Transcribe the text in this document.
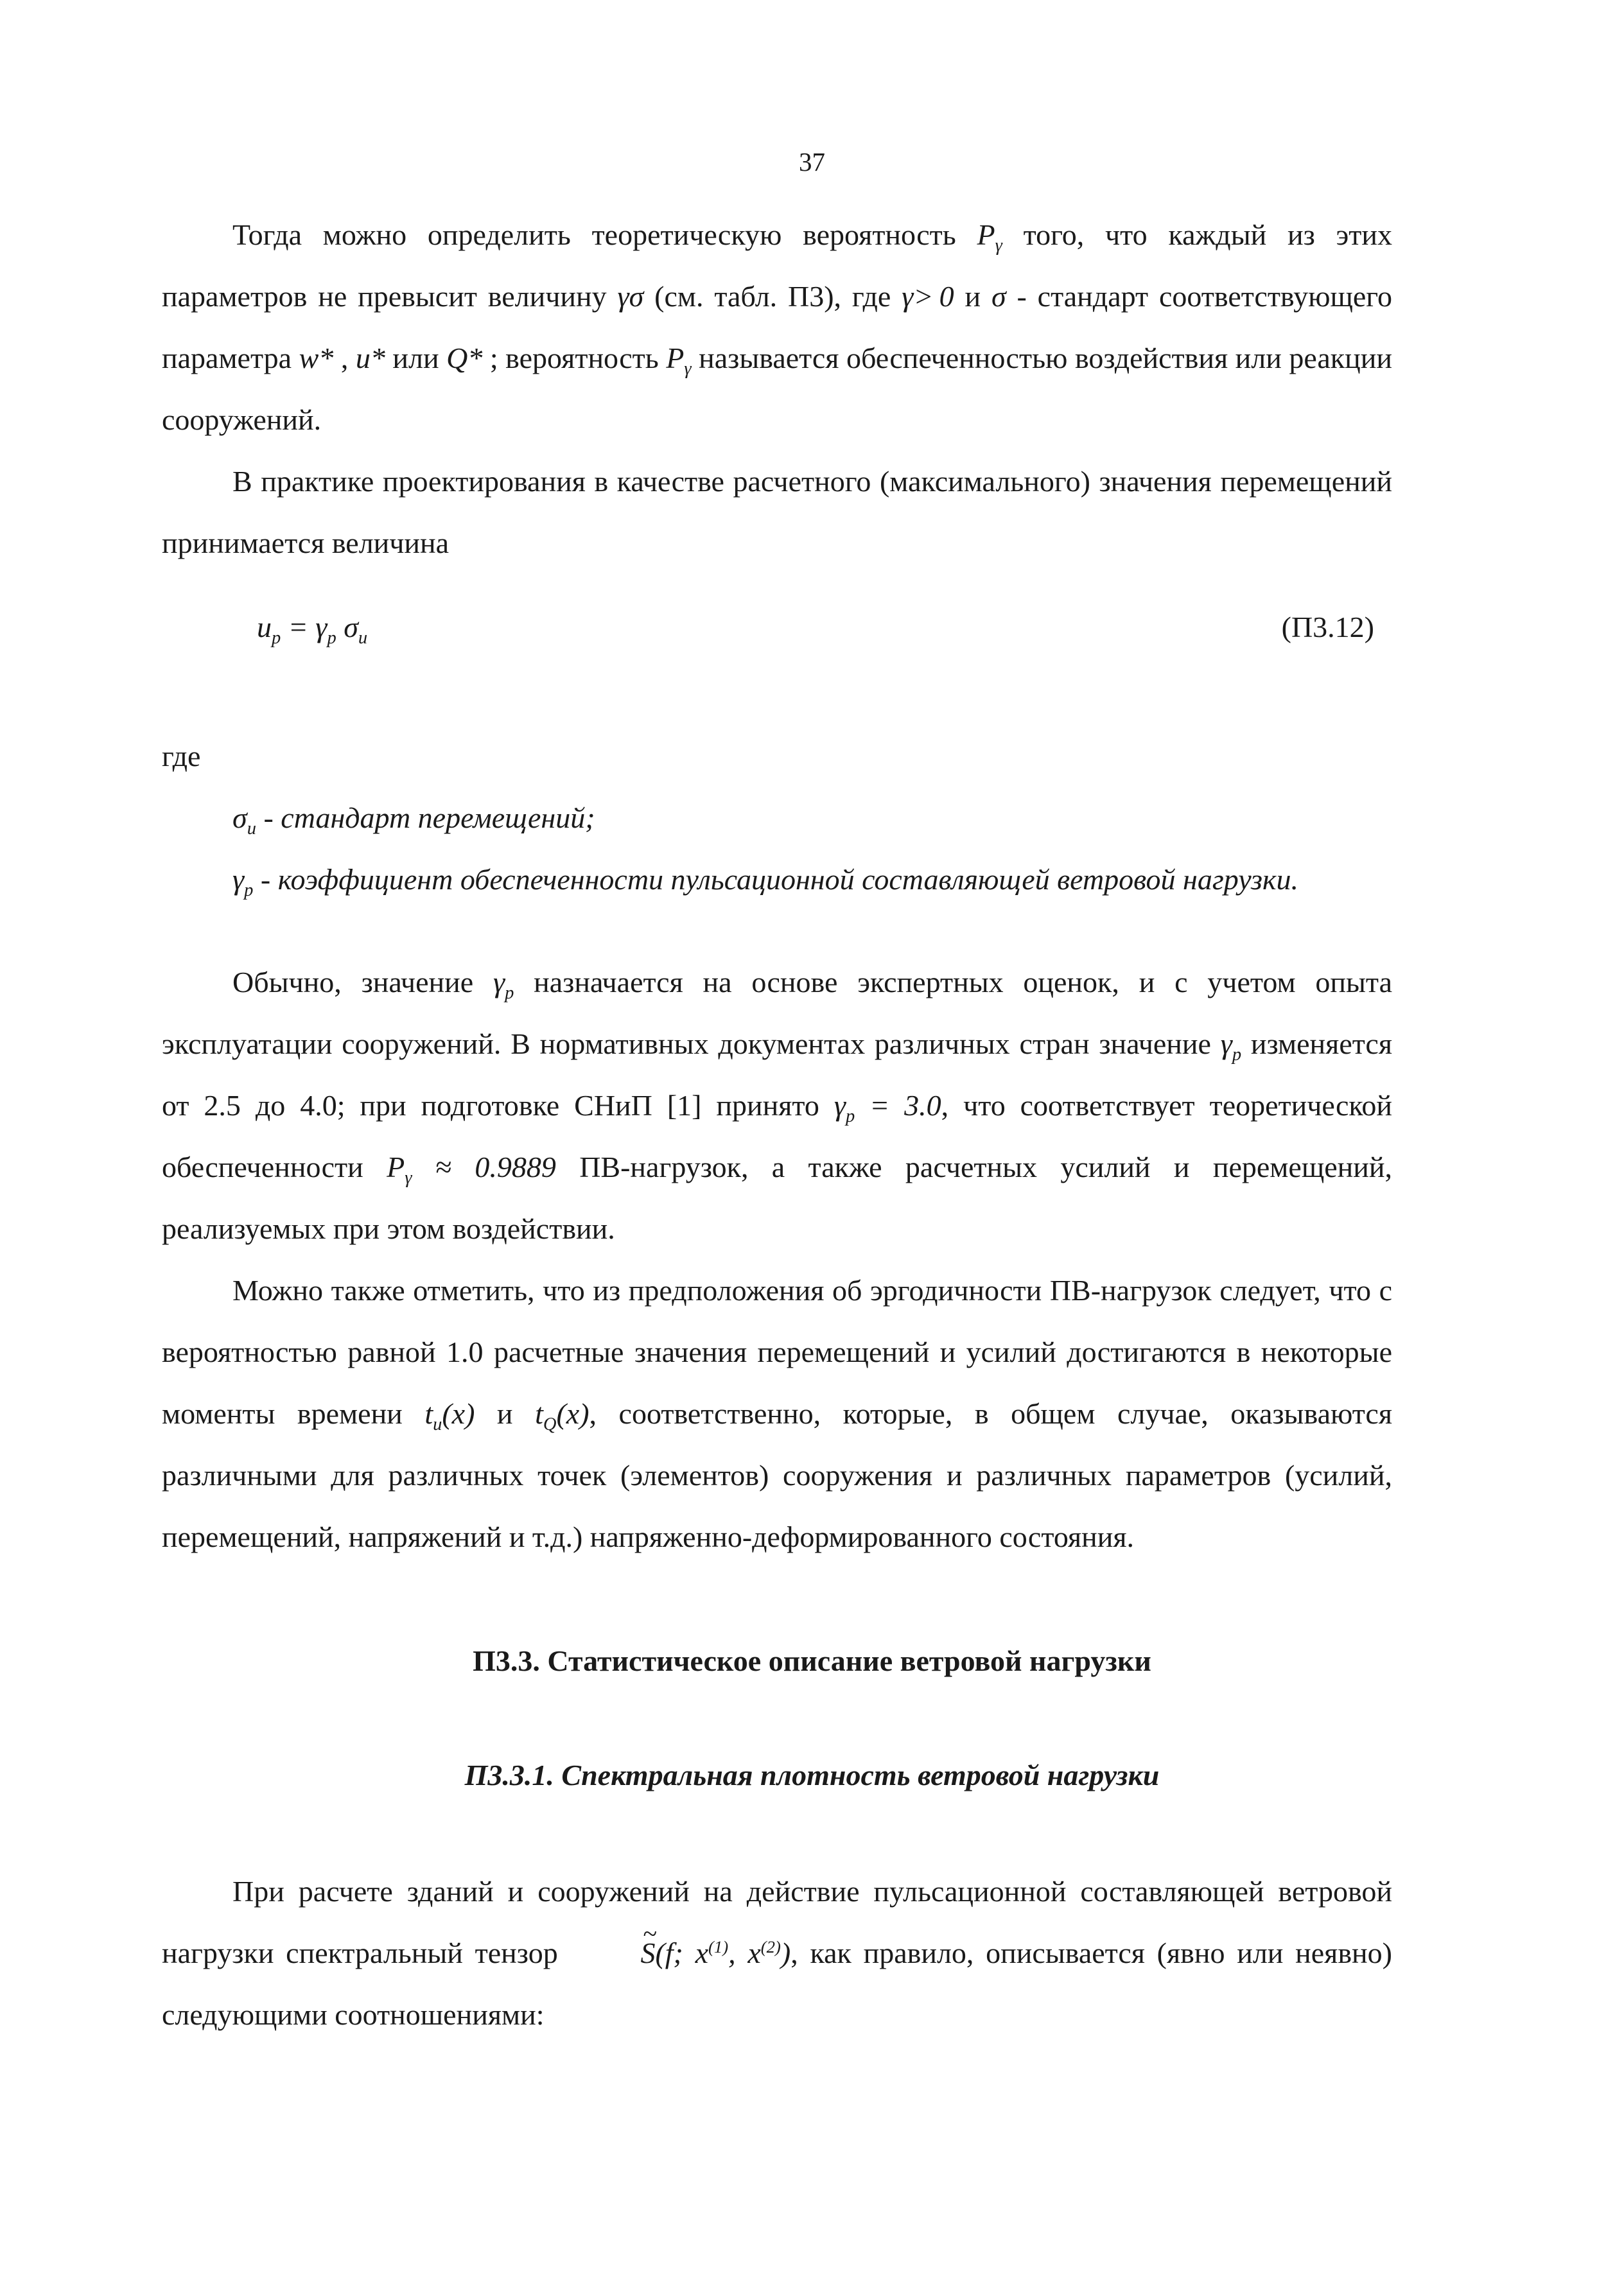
37

Тогда можно определить теоретическую вероятность $P_\gamma$ того, что каждый из этих параметров не превысит величину γσ (см. табл. П3), где γ> 0 и σ - стандарт соответствующего параметра w* , u* или Q* ; вероятность $P_\gamma$ называется обеспеченностью воздействия или реакции сооружений.

В практике проектирования в качестве расчетного (максимального) значения перемещений принимается величина

$u_p = \gamma_p$ $\sigma_u$	(П3.12)
где
$\sigma_u$ - стандарт перемещений;
$\gamma_p$ - коэффициент обеспеченности пульсационной составляющей ветровой нагрузки.

Обычно, значение $\gamma_p$ назначается на основе экспертных оценок, и с учетом опыта эксплуатации сооружений. В нормативных документах различных стран значение $\gamma_p$ изменяется от 2.5 до 4.0; при подготовке СНиП [1] принято $\gamma_p = 3.0$, что соответствует теоретической обеспеченности $P_\gamma \approx 0.9889$ ПВ-нагрузок, а также расчетных усилий и перемещений, реализуемых при этом воздействии.

Можно также отметить, что из предположения об эргодичности ПВ-нагрузок следует, что с вероятностью равной 1.0 расчетные значения перемещений и усилий достигаются в некоторые моменты времени $t_u(x)$ и $t_Q(x)$, соответственно, которые, в общем случае, оказываются различными для различных точек (элементов) сооружения и различных параметров (усилий, перемещений, напряжений и т.д.) напряженно-деформированного состояния.

П3.3. Статистическое описание ветровой нагрузки
П3.3.1. Спектральная плотность ветровой нагрузки

При расчете зданий и сооружений на действие пульсационной составляющей ветровой нагрузки спектральный тензор ~ S(f; $x^{(1)}$, $x^{(2)}$), как правило, описывается (явно или неявно) следующими соотношениями:
